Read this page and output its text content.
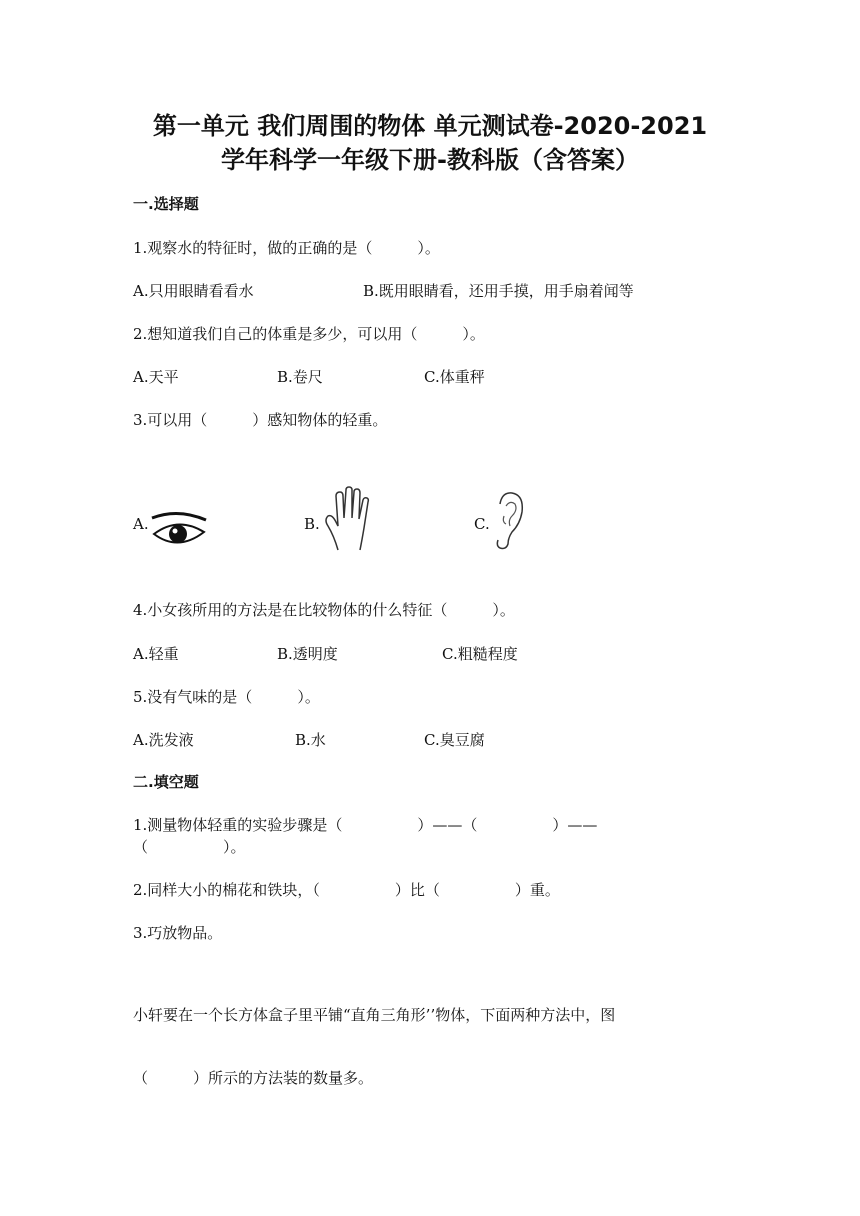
第一单元 我们周围的物体 单元测试卷-2020-2021
学年科学一年级下册-教科版（含答案）
一.选择题
1.观察水的特征时，做的正确的是（　　　）。
A.只用眼睛看看水	B.既用眼睛看，还用手摸，用手扇着闻等
2.想知道我们自己的体重是多少，可以用（　　　）。
A.天平	B.卷尺	C.体重秤
3.可以用（　　　）感知物体的轻重。
A.	B.	C.
4.小女孩所用的方法是在比较物体的什么特征（　　　）。
A.轻重	B.透明度	C.粗糙程度
5.没有气味的是（　　　）。
A.洗发液	B.水	C.臭豆腐
二.填空题
1.测量物体轻重的实验步骤是（　　　　　）——（　　　　　）——
（　　　　　）。
2.同样大小的棉花和铁块，（　　　　　）比（　　　　　）重。
3.巧放物品。
小轩要在一个长方体盒子里平铺“直角三角形’’物体，下面两种方法中，图
（　　　）所示的方法装的数量多。
